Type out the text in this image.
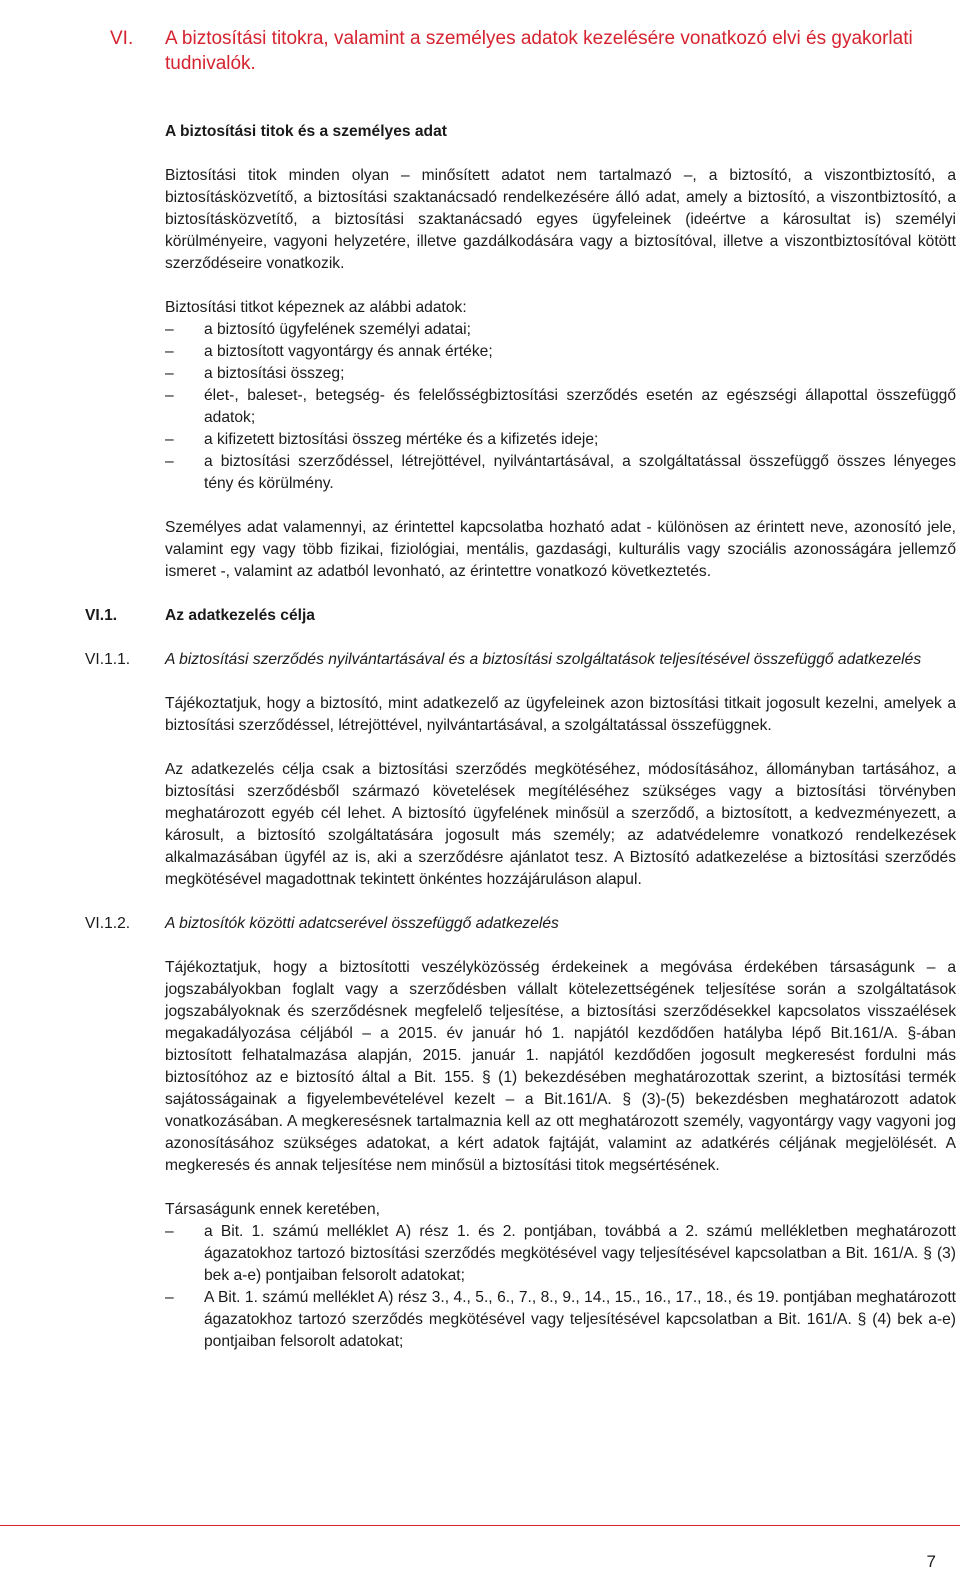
VI. A biztosítási titokra, valamint a személyes adatok kezelésére vonatkozó elvi és gyakorlati tudnivalók.

A biztosítási titok és a személyes adat

Biztosítási titok minden olyan – minősített adatot nem tartalmazó –, a biztosító, a viszontbiztosító, a biztosításközvetítő, a biztosítási szaktanácsadó rendelkezésére álló adat, amely a biztosító, a viszontbiztosító, a biztosításközvetítő, a biztosítási szaktanácsadó egyes ügyfeleinek (ideértve a károsultat is) személyi körülményeire, vagyoni helyzetére, illetve gazdálkodására vagy a biztosítóval, illetve a viszontbiztosítóval kötött szerződéseire vonatkozik.

Biztosítási titkot képeznek az alábbi adatok:

– a biztosító ügyfelének személyi adatai;
– a biztosított vagyontárgy és annak értéke;
– a biztosítási összeg;
– élet-, baleset-, betegség- és felelősségbiztosítási szerződés esetén az egészségi állapottal összefüggő adatok;
– a kifizetett biztosítási összeg mértéke és a kifizetés ideje;
– a biztosítási szerződéssel, létrejöttével, nyilvántartásával, a szolgáltatással összefüggő összes lényeges tény és körülmény.

Személyes adat valamennyi, az érintettel kapcsolatba hozható adat - különösen az érintett neve, azonosító jele, valamint egy vagy több fizikai, fiziológiai, mentális, gazdasági, kulturális vagy szociális azonosságára jellemző ismeret -, valamint az adatból levonható, az érintettre vonatkozó következtetés.

VI.1.	Az adatkezelés célja

VI.1.1. A biztosítási szerződés nyilvántartásával és a biztosítási szolgáltatások teljesítésével összefüggő adatkezelés

Tájékoztatjuk, hogy a biztosító, mint adatkezelő az ügyfeleinek azon biztosítási titkait jogosult kezelni, amelyek a biztosítási szerződéssel, létrejöttével, nyilvántartásával, a szolgáltatással összefüggnek.

Az adatkezelés célja csak a biztosítási szerződés megkötéséhez, módosításához, állományban tartásához, a biztosítási szerződésből származó követelések megítéléséhez szükséges vagy a biztosítási törvényben meghatározott egyéb cél lehet. A biztosító ügyfelének minősül a szerződő, a biztosított, a kedvezményezett, a károsult, a biztosító szolgáltatására jogosult más személy; az adatvédelemre vonatkozó rendelkezések alkalmazásában ügyfél az is, aki a szerződésre ajánlatot tesz. A Biztosító adatkezelése a biztosítási szerződés megkötésével magadottnak tekintett önkéntes hozzájáruláson alapul.

VI.1.2. A biztosítók közötti adatcserével összefüggő adatkezelés

Tájékoztatjuk, hogy a biztosítotti veszélyközösség érdekeinek a megóvása érdekében társaságunk – a jogszabályokban foglalt vagy a szerződésben vállalt kötelezettségének teljesítése során a szolgáltatások jogszabályoknak és szerződésnek megfelelő teljesítése, a biztosítási szerződésekkel kapcsolatos visszaélések megakadályozása céljából – a 2015. év január hó 1. napjától kezdődően hatályba lépő Bit.161/A. §-ában biztosított felhatalmazása alapján, 2015. január 1. napjától kezdődően jogosult megkeresést fordulni más biztosítóhoz az e biztosító által a Bit. 155. § (1) bekezdésében meghatározottak szerint, a biztosítási termék sajátosságainak a figyelembevételével kezelt – a Bit.161/A. § (3)-(5) bekezdésben meghatározott adatok vonatkozásában. A megkeresésnek tartalmaznia kell az ott meghatározott személy, vagyontárgy vagy vagyoni jog azonosításához szükséges adatokat, a kért adatok fajtáját, valamint az adatkérés céljának megjelölését. A megkeresés és annak teljesítése nem minősül a biztosítási titok megsértésének.

Társaságunk ennek keretében,

– a Bit. 1. számú melléklet A) rész 1. és 2. pontjában, továbbá a 2. számú mellékletben meghatározott ágazatokhoz tartozó biztosítási szerződés megkötésével vagy teljesítésével kapcsolatban a Bit. 161/A. § (3) bek a-e) pontjaiban felsorolt adatokat;
– A Bit. 1. számú melléklet A) rész 3., 4., 5., 6., 7., 8., 9., 14., 15., 16., 17., 18., és 19. pontjában meghatározott ágazatokhoz tartozó szerződés megkötésével vagy teljesítésével kapcsolatban a Bit. 161/A. § (4) bek a-e) pontjaiban felsorolt adatokat;
7
